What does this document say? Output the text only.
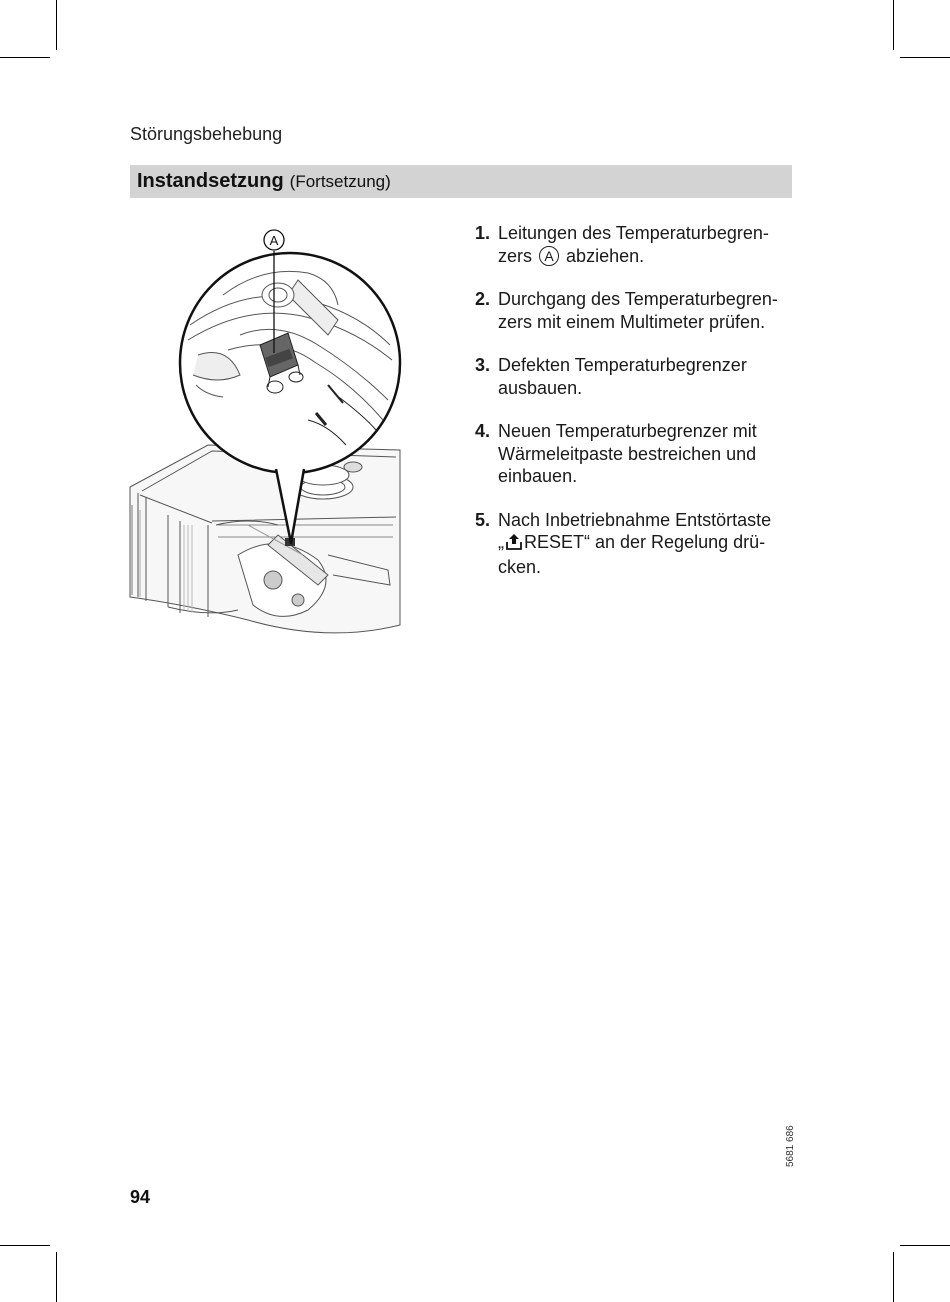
Störungsbehebung
Instandsetzung (Fortsetzung)
A	1. Leitungen des Temperaturbegren-
zers A abziehen.
2. Durchgang des Temperaturbegren-zers mit einem Multimeter prüfen.
3. Defekten Temperaturbegrenzer ausbauen.
4. Neuen Temperaturbegrenzer mit Wärmeleitpaste bestreichen und einbauen.
5. Nach Inbetriebnahme Entstörtaste
„ RESET“ an der Regelung drü-cken.
5681 686
94
